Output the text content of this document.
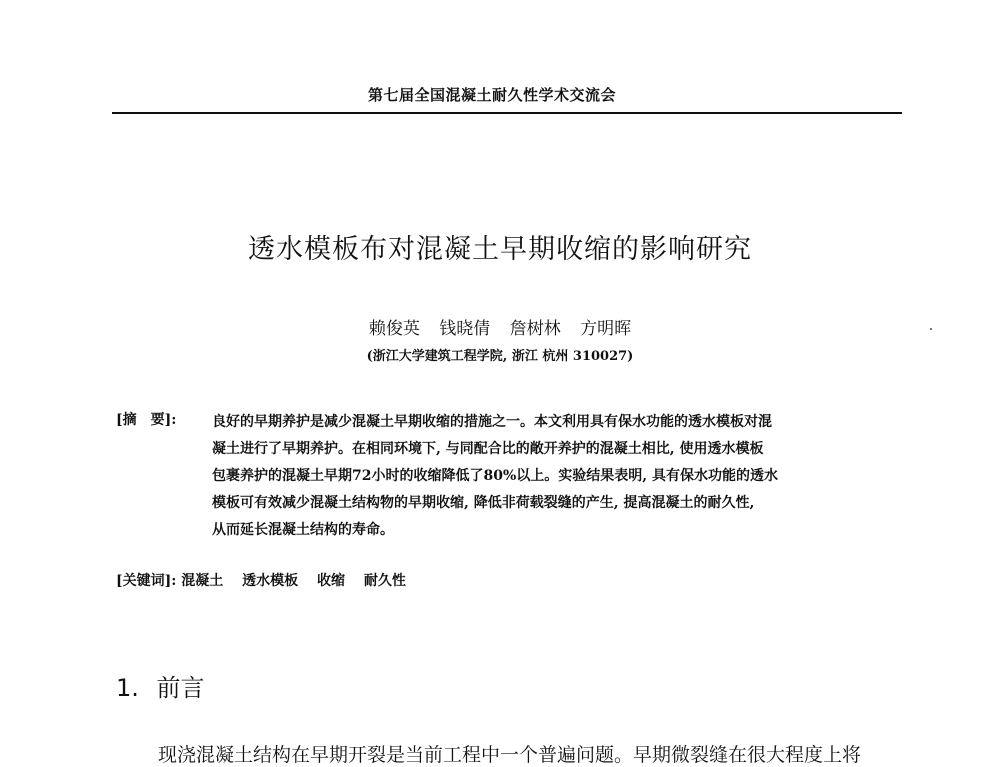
第七届全国混凝土耐久性学术交流会
透水模板布对混凝土早期收缩的影响研究
赖俊英 钱晓倩 詹树林 方明晖
(浙江大学建筑工程学院, 浙江 杭州 310027)
[摘　要]:	良好的早期养护是减少混凝土早期收缩的措施之一。本文利用具有保水功能的透水模板对混
凝土进行了早期养护。在相同环境下, 与同配合比的敞开养护的混凝土相比, 使用透水模板
包裹养护的混凝土早期72小时的收缩降低了80%以上。实验结果表明, 具有保水功能的透水
模板可有效减少混凝土结构物的早期收缩, 降低非荷载裂缝的产生, 提高混凝土的耐久性,
从而延长混凝土结构的寿命。
[关键词]: 混凝土 透水模板 收缩 耐久性
1. 前言
现浇混凝土结构在早期开裂是当前工程中一个普遍问题。早期微裂缝在很大程度上将
